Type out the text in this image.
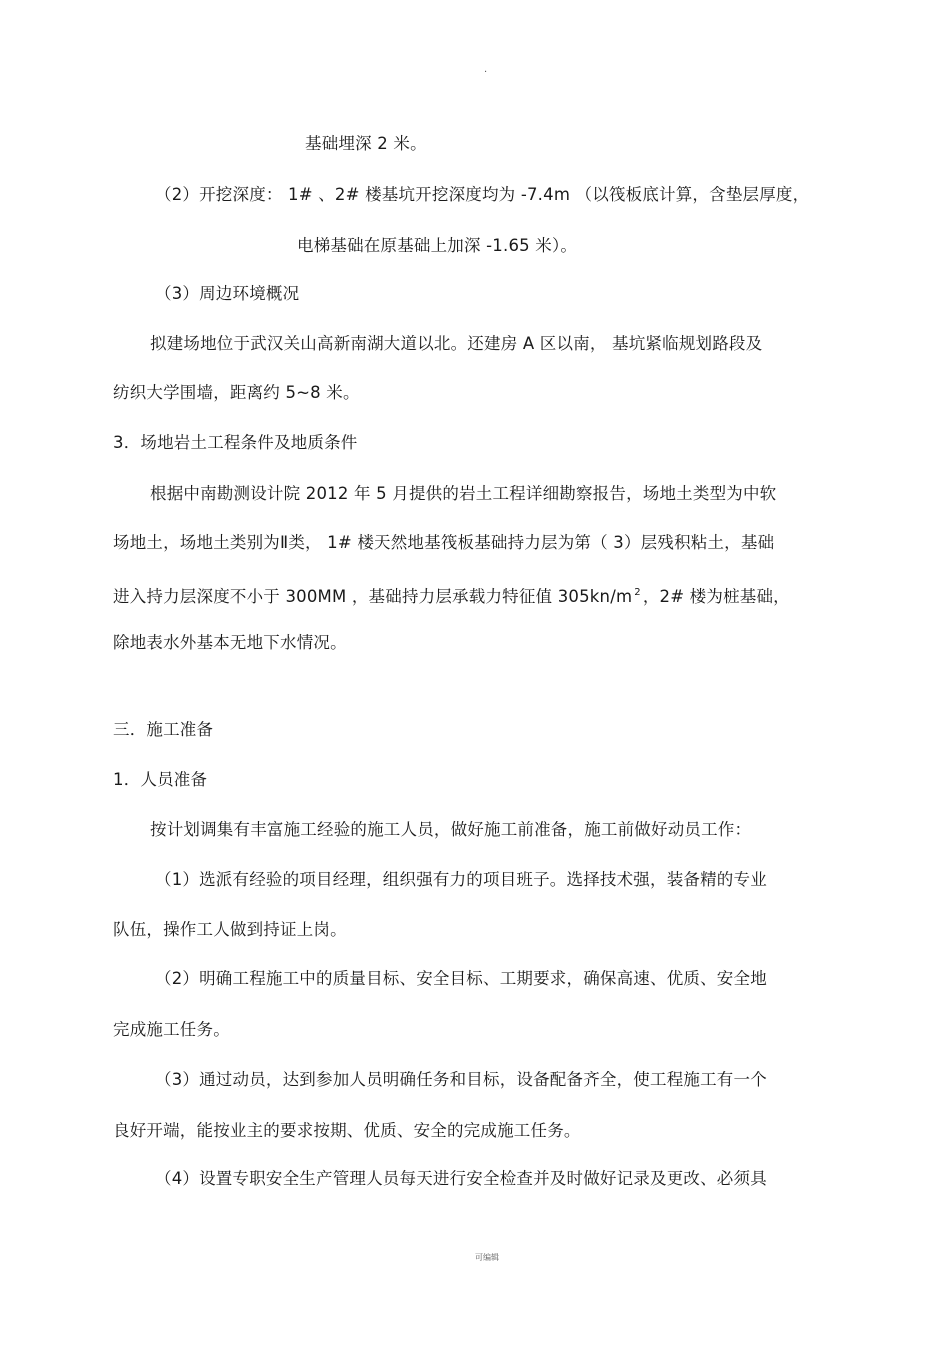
.
基础埋深 2 米。
（2）开挖深度： 1# 、2# 楼基坑开挖深度均为 -7.4m （以筏板底计算，含垫层厚度，
电梯基础在原基础上加深 -1.65 米）。
（3）周边环境概况
拟建场地位于武汉关山高新南湖大道以北。还建房 A 区以南， 基坑紧临规划路段及
纺织大学围墙，距离约 5~8 米。
3．场地岩土工程条件及地质条件
根据中南勘测设计院 2012 年 5 月提供的岩土工程详细勘察报告，场地土类型为中软
场地土，场地土类别为Ⅱ类， 1# 楼天然地基筏板基础持力层为第（ 3）层残积粘土，基础
进入持力层深度不小于 300MM ，基础持力层承载力特征值 305kn/m $^2$ ，2# 楼为桩基础，
除地表水外基本无地下水情况。
三．施工准备
1．人员准备
按计划调集有丰富施工经验的施工人员，做好施工前准备，施工前做好动员工作：
（1）选派有经验的项目经理，组织强有力的项目班子。选择技术强，装备精的专业
队伍，操作工人做到持证上岗。
（2）明确工程施工中的质量目标、安全目标、工期要求，确保高速、优质、安全地
完成施工任务。
（3）通过动员，达到参加人员明确任务和目标，设备配备齐全，使工程施工有一个
良好开端，能按业主的要求按期、优质、安全的完成施工任务。
（4）设置专职安全生产管理人员每天进行安全检查并及时做好记录及更改、必须具
可编辑
